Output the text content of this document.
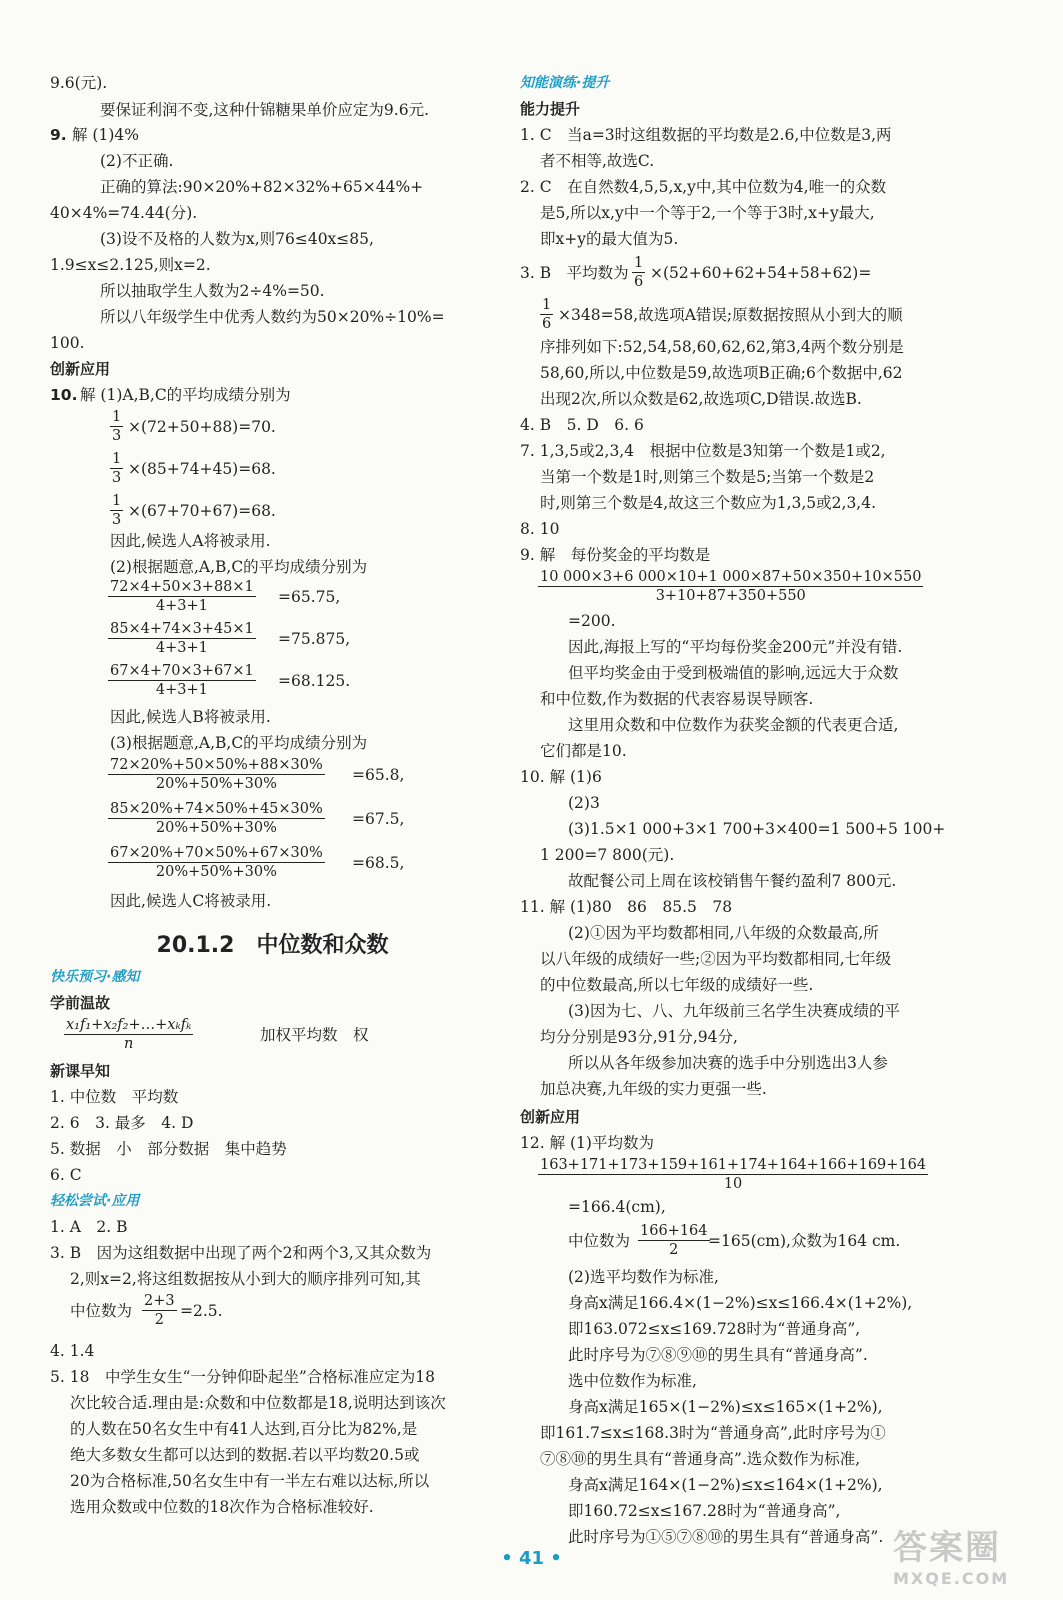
9.6(元).
要保证利润不变,这种什锦糖果单价应定为9.6元.
9. 解 (1)4%
(2)不正确.
正确的算法:90×20%+82×32%+65×44%+
40×4%=74.44(分).
(3)设不及格的人数为x,则76≤40x≤85,
1.9≤x≤2.125,则x=2.
所以抽取学生人数为2÷4%=50.
所以八年级学生中优秀人数约为50×20%÷10%=
100.
创新应用
10. 解 (1)A,B,C的平均成绩分别为
$\frac{1}{3} \times(72+50+88)=70$.
$\frac{1}{3} \times(85+74+45)=68$.
$\frac{1}{3} \times(67+70+67)=68$.
因此,候选人A将被录用.
(2)根据题意,A,B,C的平均成绩分别为
$\frac{72\times 4+50\times 3+88\times 1}{4+3+1} =65.75$,
$\frac{85\times 4+74\times 3+45\times 1}{4+3+1} =75.875$,
$\frac{67\times 4+70\times 3+67\times 1}{4+3+1} =68.125$.
因此,候选人B将被录用.
(3)根据题意,A,B,C的平均成绩分别为
$\frac{72\times 20\%+50\times 50\%+88\times 30\%}{20\%+50\%+30\%} =65.8$,
$\frac{85\times 20\%+74\times 50\%+45\times 30\%}{20\%+50\%+30\%} =67.5$,
$\frac{67\times 20\%+70\times 50\%+67\times 30\%}{20\%+50\%+30\%} =68.5$,
因此,候选人C将被录用.
20.1.2　中位数和众数
快乐预习·感知
学前温故
x₁f₁+x₂f₂+…+xₖfₖ
n	加权平均数　权
新课早知
1. 中位数　平均数
2. 6　3. 最多　4. D
5. 数据　小　部分数据　集中趋势
6. C
轻松尝试·应用
1. A　2. B
3. B　因为这组数据中出现了两个2和两个3,又其众数为
2,则x=2,将这组数据按从小到大的顺序排列可知,其
中位数为 $\frac{2+3}{2} =2.5$.
4. 1.4
5. 18　中学生女生“一分钟仰卧起坐”合格标准应定为18
次比较合适.理由是:众数和中位数都是18,说明达到该次
的人数在50名女生中有41人达到,百分比为82%,是
绝大多数女生都可以达到的数据.若以平均数20.5或
20为合格标准,50名女生中有一半左右难以达标,所以
选用众数或中位数的18次作为合格标准较好.
知能演练·提升
能力提升
1. C　当a=3时这组数据的平均数是2.6,中位数是3,两
者不相等,故选C.
2. C　在自然数4,5,5,x,y中,其中位数为4,唯一的众数
是5,所以x,y中一个等于2,一个等于3时,x+y最大,
即x+y的最大值为5.
3. B　平均数为 $\frac{1}{6} \times(52+60+62+54+58+62)=$
$\frac{1}{6} \times 348=58$,故选项A错误;原数据按照从小到大的顺
序排列如下:52,54,58,60,62,62,第3,4两个数分别是
58,60,所以,中位数是59,故选项B正确;6个数据中,62
出现2次,所以众数是62,故选项C,D错误.故选B.
4. B　5. D　6. 6
7. 1,3,5或2,3,4　根据中位数是3知第一个数是1或2,
当第一个数是1时,则第三个数是5;当第一个数是2
时,则第三个数是4,故这三个数应为1,3,5或2,3,4.
8. 10
9. 解　每份奖金的平均数是
$\frac{10 000\times 3+6 000\times 10+1 000\times 87+50\times 350+10\times 550}{3+10+87+350+550}$
=200.
因此,海报上写的“平均每份奖金200元”并没有错.
但平均奖金由于受到极端值的影响,远远大于众数
和中位数,作为数据的代表容易误导顾客.
这里用众数和中位数作为获奖金额的代表更合适,
它们都是10.
10. 解 (1)6
(2)3
(3)1.5×1 000+3×1 700+3×400=1 500+5 100+
1 200=7 800(元).
故配餐公司上周在该校销售午餐约盈利7 800元.
11. 解 (1)80　86　85.5　78
(2)①因为平均数都相同,八年级的众数最高,所
以八年级的成绩好一些;②因为平均数都相同,七年级
的中位数最高,所以七年级的成绩好一些.
(3)因为七、八、九年级前三名学生决赛成绩的平
均分分别是93分,91分,94分,
所以从各年级参加决赛的选手中分别选出3人参
加总决赛,九年级的实力更强一些.
创新应用
12. 解 (1)平均数为
$\frac{163+171+173+159+161+174+164+166+169+164}{10}$
=166.4(cm),
中位数为 $\frac{166+164}{2}$
=165(cm),众数为164 cm.
(2)选平均数作为标准,
身高x满足166.4×(1−2%)≤x≤166.4×(1+2%),
即163.072≤x≤169.728时为“普通身高”,
此时序号为⑦⑧⑨⑩的男生具有“普通身高”.
选中位数作为标准,
身高x满足165×(1−2%)≤x≤165×(1+2%),
即161.7≤x≤168.3时为“普通身高”,此时序号为①
⑦⑧⑩的男生具有“普通身高”.选众数作为标准,
身高x满足164×(1−2%)≤x≤164×(1+2%),
即160.72≤x≤167.28时为“普通身高”,
此时序号为①⑤⑦⑧⑩的男生具有“普通身高”.
• 41 •	答案圈
MXQE.COM
